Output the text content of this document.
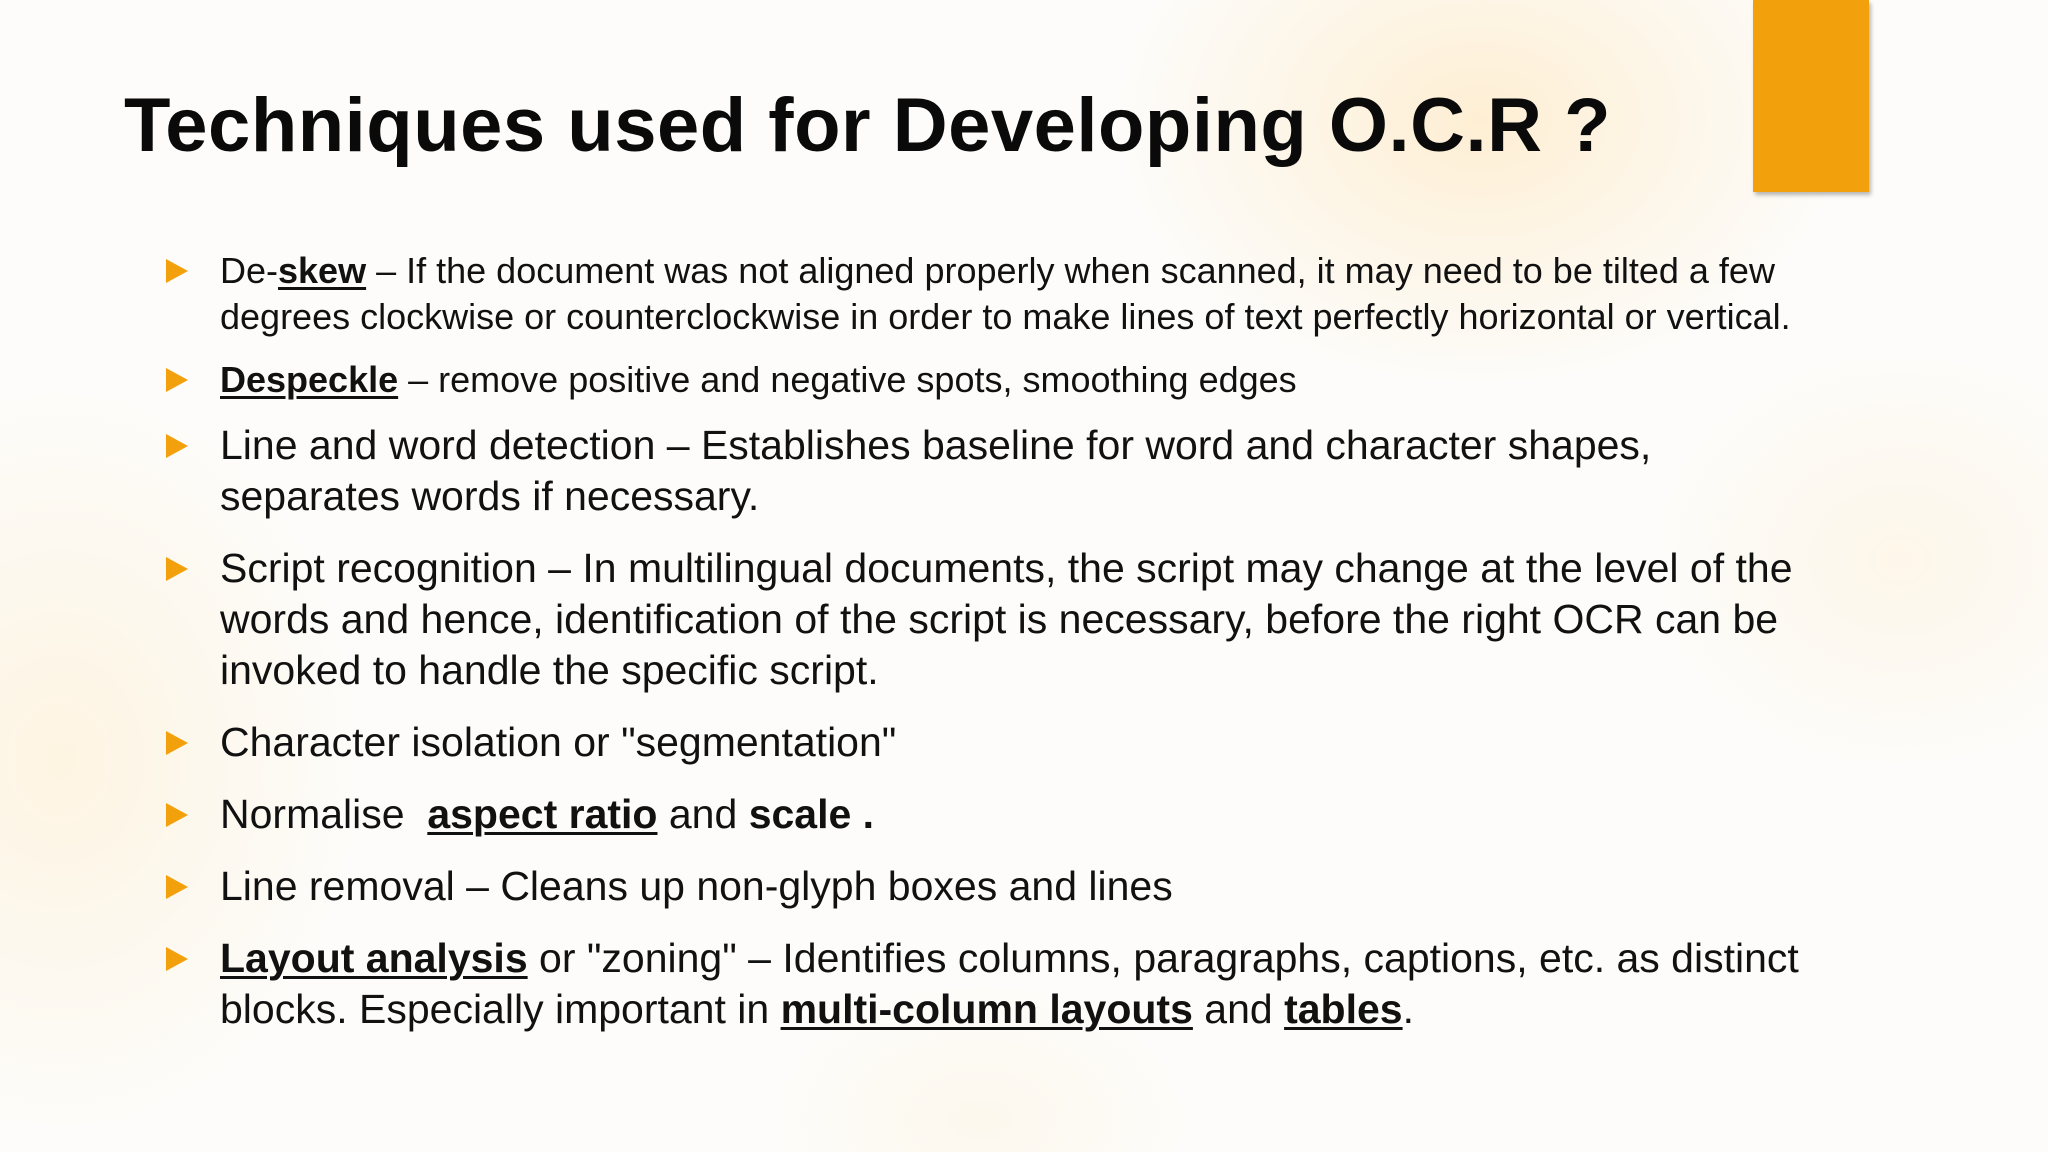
Techniques used for Developing O.C.R ?
De-skew – If the document was not aligned properly when scanned, it may need to be tilted a few degrees clockwise or counterclockwise in order to make lines of text perfectly horizontal or vertical.
Despeckle – remove positive and negative spots, smoothing edges
Line and word detection – Establishes baseline for word and character shapes, separates words if necessary.
Script recognition – In multilingual documents, the script may change at the level of the words and hence, identification of the script is necessary, before the right OCR can be invoked to handle the specific script.
Character isolation or "segmentation"
Normalise  aspect ratio and scale .
Line removal – Cleans up non-glyph boxes and lines
Layout analysis or "zoning" – Identifies columns, paragraphs, captions, etc. as distinct blocks. Especially important in multi-column layouts and tables.
